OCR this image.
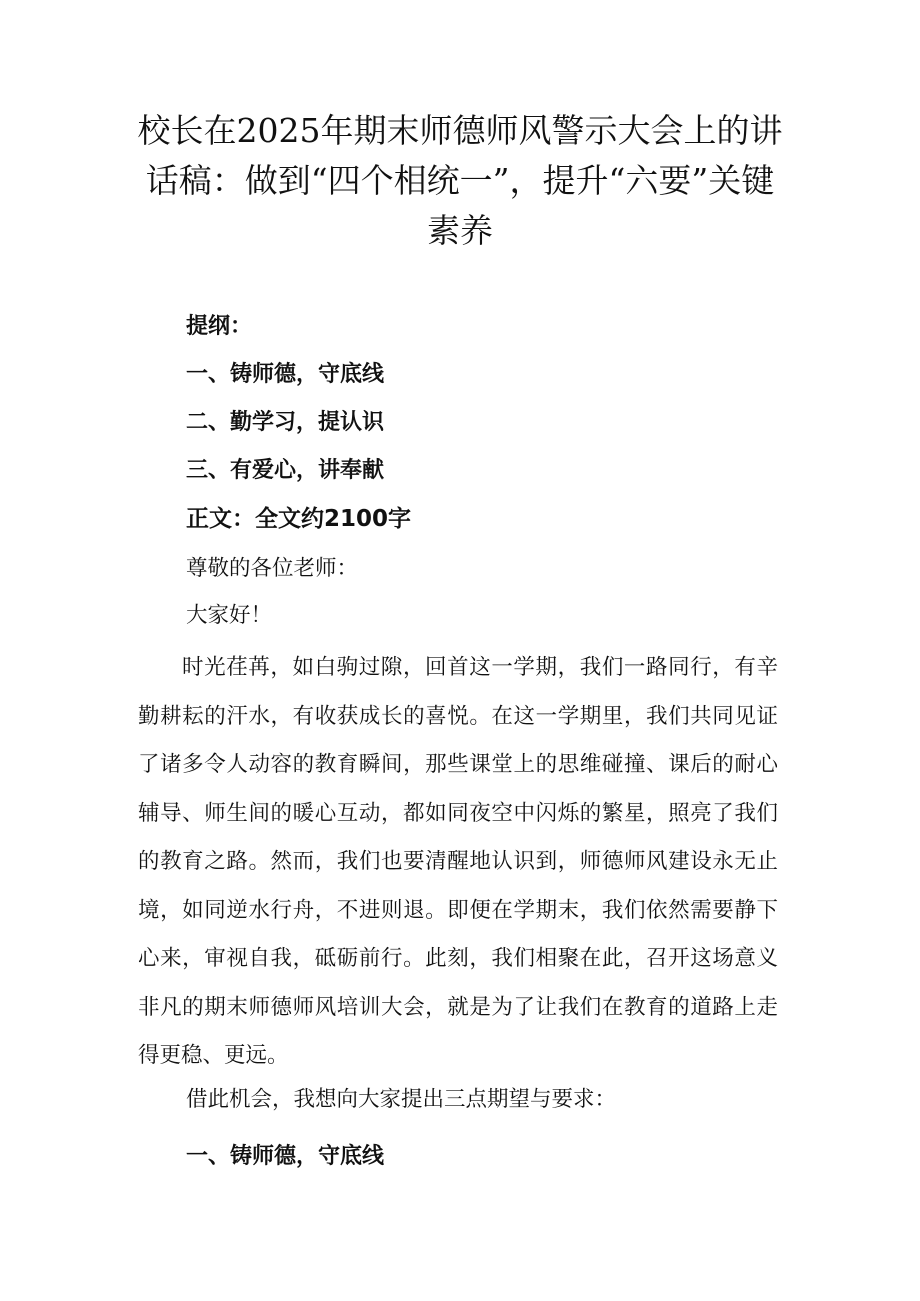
校长在2025年期末师德师风警示大会上的讲话稿：做到“四个相统一”，提升“六要”关键素养
提纲：
一、铸师德，守底线
二、勤学习，提认识
三、有爱心，讲奉献
正文：全文约2100字
尊敬的各位老师：
大家好！
时光荏苒，如白驹过隙，回首这一学期，我们一路同行，有辛勤耕耘的汗水，有收获成长的喜悦。在这一学期里，我们共同见证了诸多令人动容的教育瞬间，那些课堂上的思维碰撞、课后的耐心辅导、师生间的暖心互动，都如同夜空中闪烁的繁星，照亮了我们的教育之路。然而，我们也要清醒地认识到，师德师风建设永无止境，如同逆水行舟，不进则退。即便在学期末，我们依然需要静下心来，审视自我，砥砺前行。此刻，我们相聚在此，召开这场意义非凡的期末师德师风培训大会，就是为了让我们在教育的道路上走得更稳、更远。
借此机会，我想向大家提出三点期望与要求：
一、铸师德，守底线
